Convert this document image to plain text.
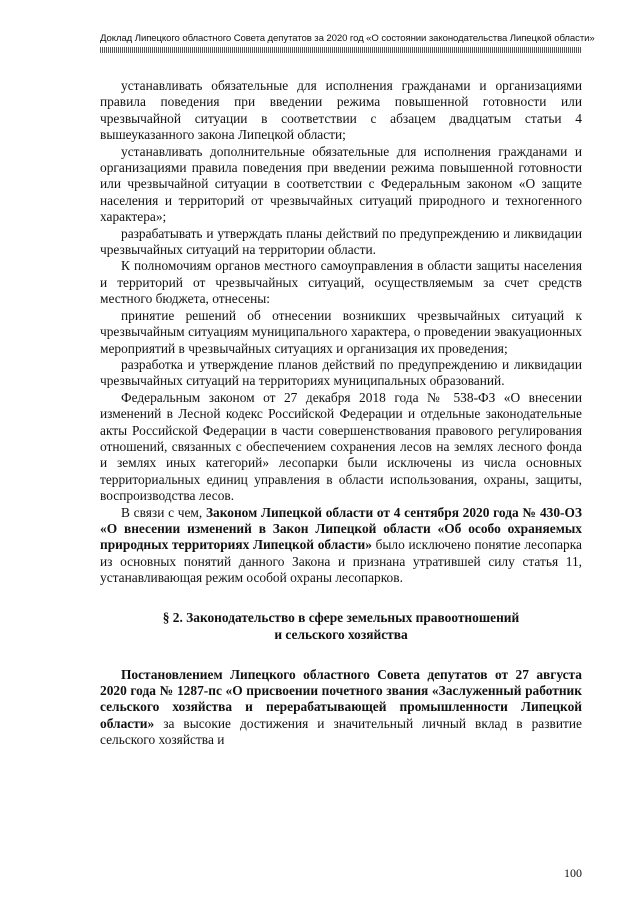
Доклад Липецкого областного Совета депутатов за 2020 год «О состоянии законодательства Липецкой области»

устанавливать обязательные для исполнения гражданами и организациями правила поведения при введении режима повышенной готовности или чрезвычайной ситуации в соответствии с абзацем двадцатым статьи 4 вышеуказанного закона Липецкой области;

устанавливать дополнительные обязательные для исполнения гражданами и организациями правила поведения при введении режима повышенной готовности или чрезвычайной ситуации в соответствии с Федеральным законом «О защите населения и территорий от чрезвычайных ситуаций природного и техногенного характера»;

разрабатывать и утверждать планы действий по предупреждению и ликвидации чрезвычайных ситуаций на территории области.

К полномочиям органов местного самоуправления в области защиты населения и территорий от чрезвычайных ситуаций, осуществляемым за счет средств местного бюджета, отнесены:

принятие решений об отнесении возникших чрезвычайных ситуаций к чрезвычайным ситуациям муниципального характера, о проведении эвакуационных мероприятий в чрезвычайных ситуациях и организация их проведения;

разработка и утверждение планов действий по предупреждению и ликвидации чрезвычайных ситуаций на территориях муниципальных образований.

Федеральным законом от 27 декабря 2018 года № 538-ФЗ «О внесении изменений в Лесной кодекс Российской Федерации и отдельные законодательные акты Российской Федерации в части совершенствования правового регулирования отношений, связанных с обеспечением сохранения лесов на землях лесного фонда и землях иных категорий» лесопарки были исключены из числа основных территориальных единиц управления в области использования, охраны, защиты, воспроизводства лесов.

В связи с чем, Законом Липецкой области от 4 сентября 2020 года № 430-ОЗ «О внесении изменений в Закон Липецкой области «Об особо охраняемых природных территориях Липецкой области» было исключено понятие лесопарка из основных понятий данного Закона и признана утратившей силу статья 11, устанавливающая режим особой охраны лесопарков.

§ 2. Законодательство в сфере земельных правоотношений
и сельского хозяйства

Постановлением Липецкого областного Совета депутатов от 27 августа 2020 года № 1287-пс «О присвоении почетного звания «Заслуженный работник сельского хозяйства и перерабатывающей промышленности Липецкой области» за высокие достижения и значительный личный вклад в развитие сельского хозяйства и

100
